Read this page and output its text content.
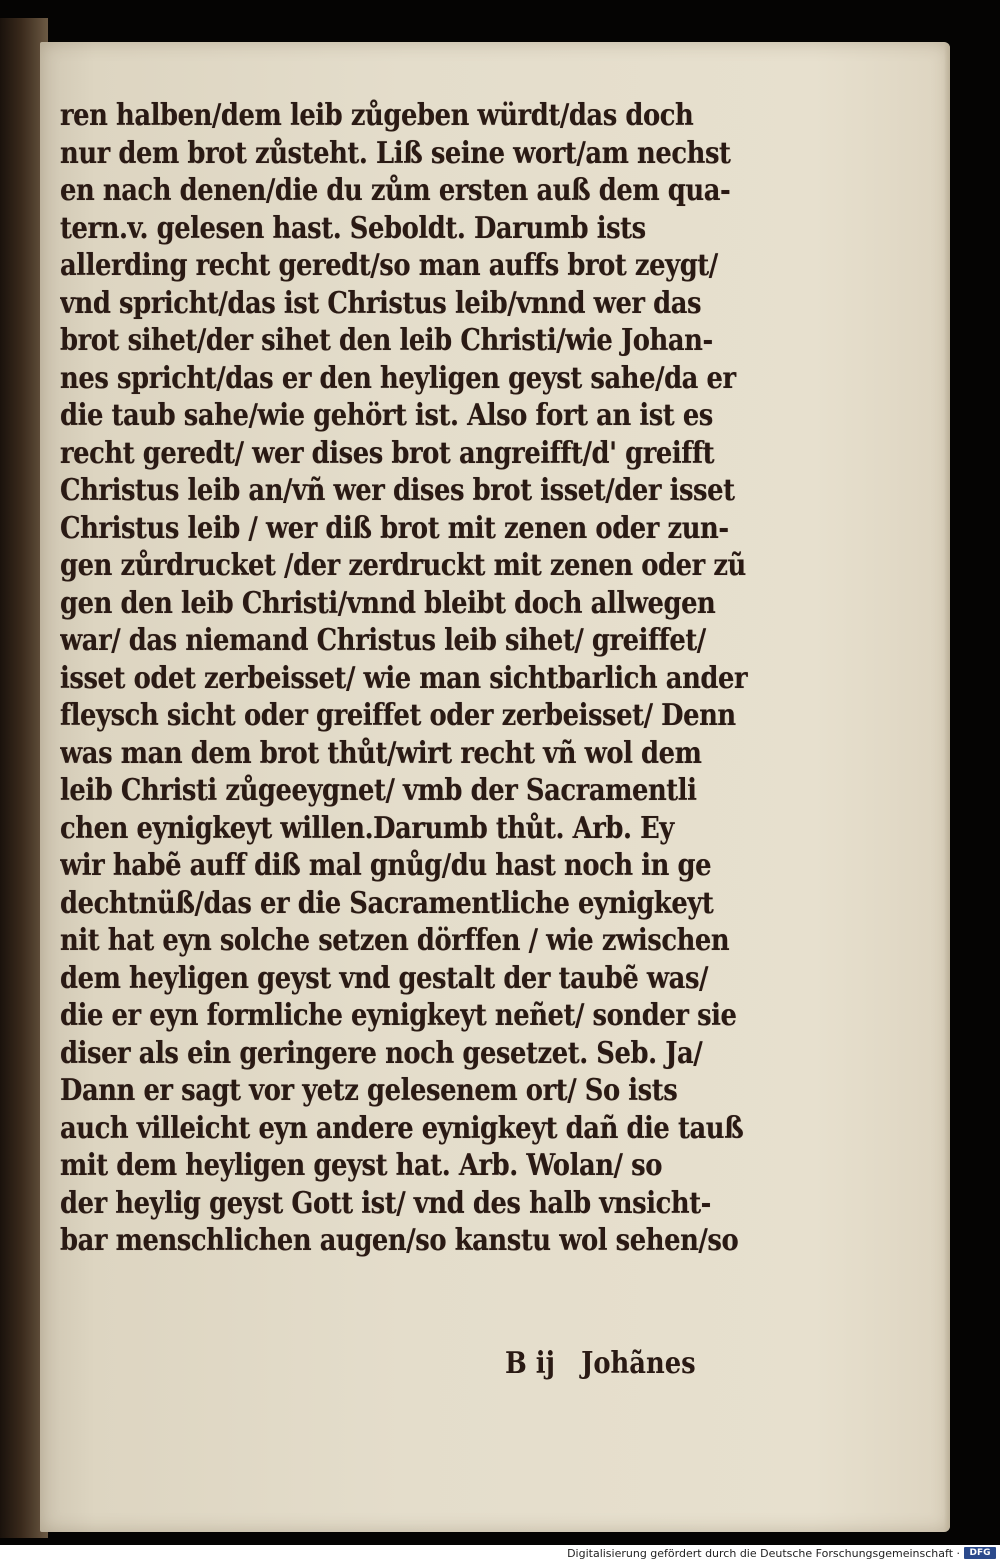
ren halben/dem leib zůgeben würdt/das doch
nur dem brot zůsteht. Liß seine wort/am nechst
en nach denen/die du zům ersten auß dem qua-
tern.v. gelesen hast. Seboldt. Darumb ists
allerding recht geredt/so man auffs brot zeygt/
vnd spricht/das ist Christus leib/vnnd wer das
brot sihet/der sihet den leib Christi/wie Johan-
nes spricht/das er den heyligen geyst sahe/da er
die taub sahe/wie gehört ist. Also fort an ist es
recht geredt/ wer dises brot angreifft/d' greifft
Christus leib an/vñ wer dises brot isset/der isset
Christus leib / wer diß brot mit zenen oder zun-
gen zůrdrucket /der zerdruckt mit zenen oder zũ
gen den leib Christi/vnnd bleibt doch allwegen
war/ das niemand Christus leib sihet/ greiffet/
isset odet zerbeisset/ wie man sichtbarlich ander
fleysch sicht oder greiffet oder zerbeisset/ Denn
was man dem brot thůt/wirt recht vñ wol dem
leib Christi zůgeeygnet/ vmb der Sacramentli
chen eynigkeyt willen.Darumb thůt. Arb. Ey
wir habẽ auff diß mal gnůg/du hast noch in ge
dechtnüß/das er die Sacramentliche eynigkeyt
nit hat eyn solche setzen dörffen / wie zwischen
dem heyligen geyst vnd gestalt der taubẽ was/
die er eyn formliche eynigkeyt neñet/ sonder sie
diser als ein geringere noch gesetzet. Seb. Ja/
Dann er sagt vor yetz gelesenem ort/ So ists
auch villeicht eyn andere eynigkeyt dañ die tauß
mit dem heyligen geyst hat. Arb. Wolan/ so
der heylig geyst Gott ist/ vnd des halb vnsicht-
bar menschlichen augen/so kanstu wol sehen/so
B ij Johãnes
Digitalisierung gefördert durch die Deutsche Forschungsgemeinschaft ·	DFG
